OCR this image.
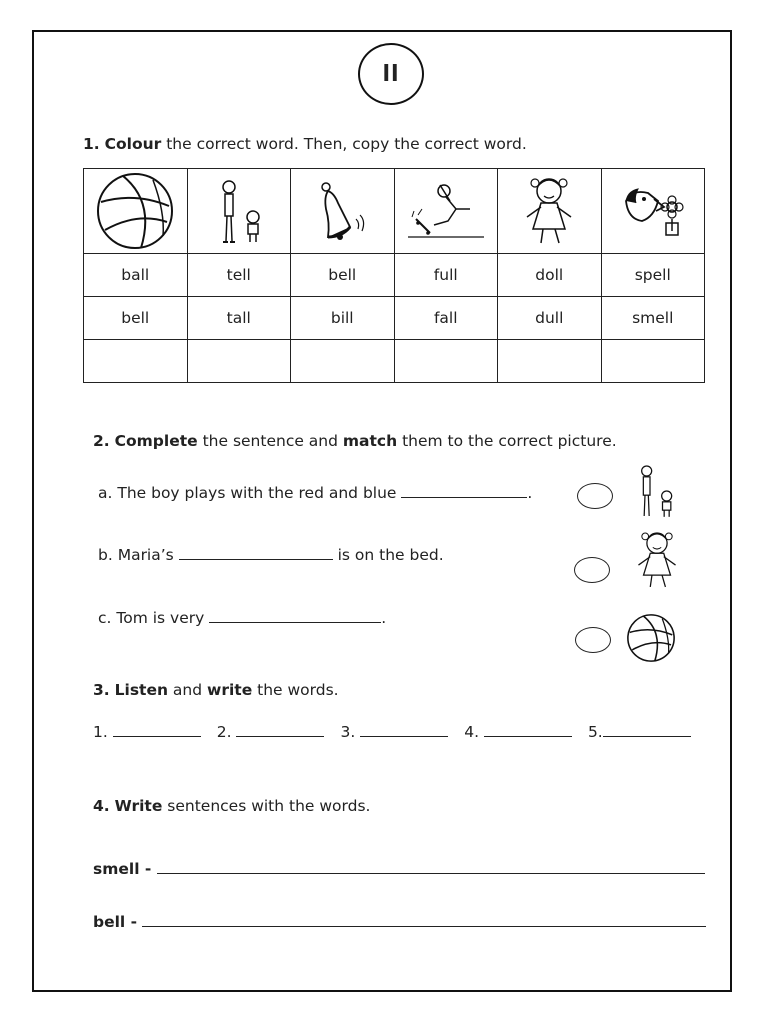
ll
1. Colour the correct word. Then, copy the correct word.

ball	tell	bell	full	doll	spell
bell	tall	bill	fall	dull	smell

2. Complete the sentence and match them to the correct picture.
a. The boy plays with the red and blue	.
b. Maria’s	is on the bed.
c. Tom is very	.
3. Listen and write the words.
1.	2.	3.	4.	5.
4. Write sentences with the words.
smell -
bell -
